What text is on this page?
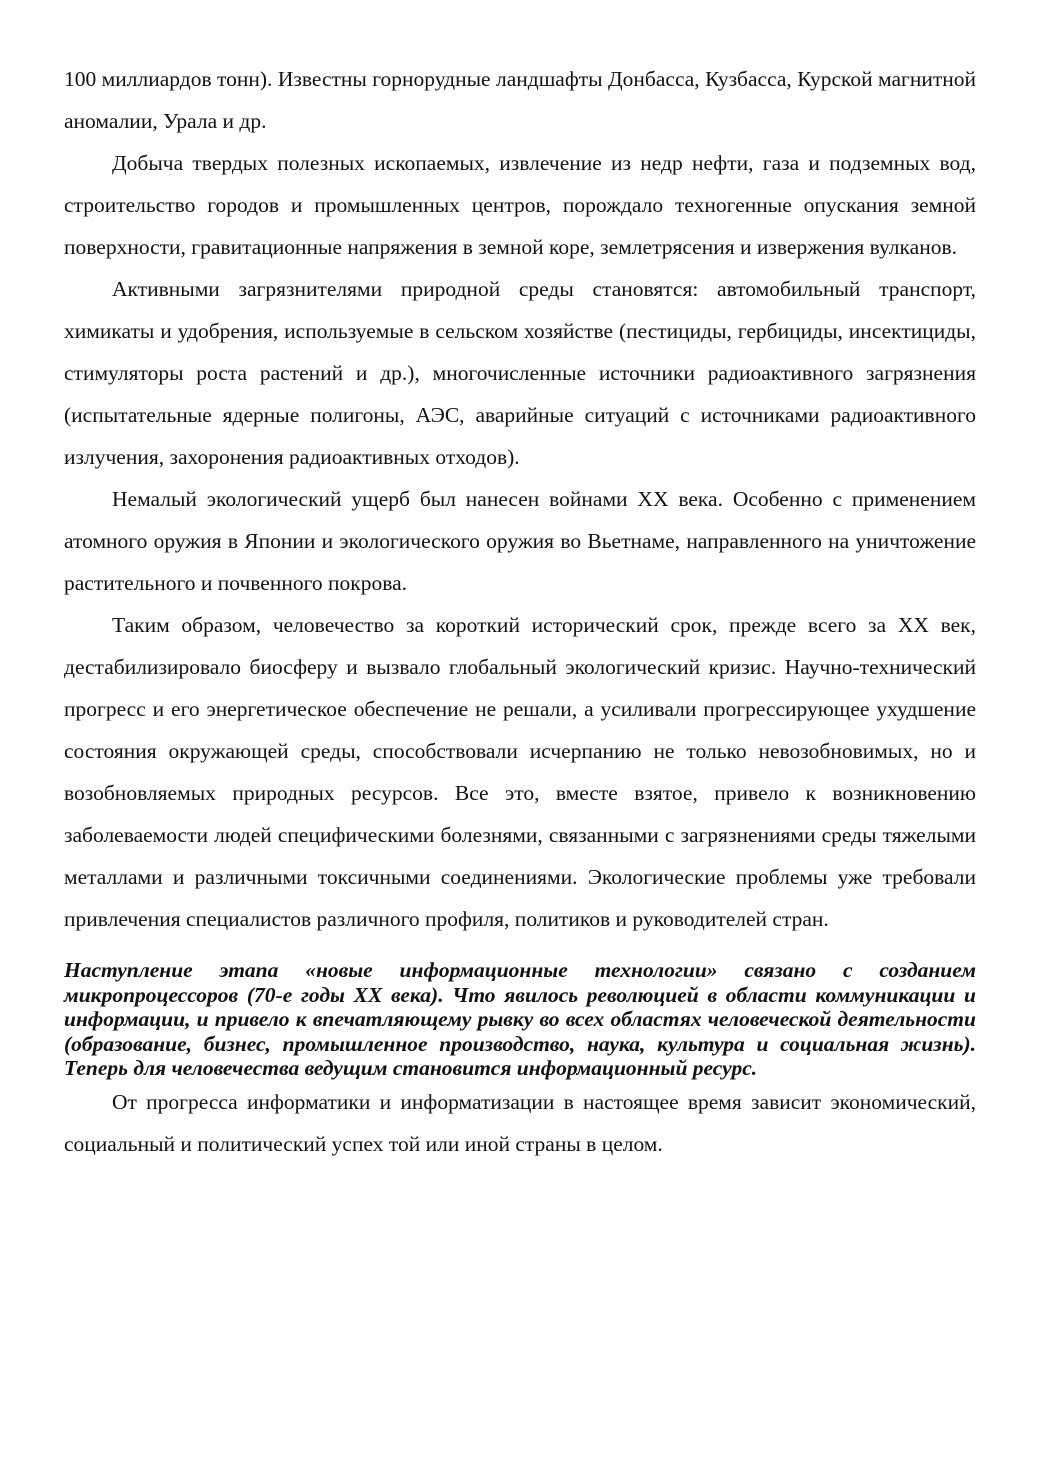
100 миллиардов тонн). Известны горнорудные ландшафты Донбасса, Кузбасса, Курской магнитной аномалии, Урала и др.

Добыча твердых полезных ископаемых, извлечение из недр нефти, газа и подземных вод, строительство городов и промышленных центров, порождало техногенные опускания земной поверхности, гравитационные напряжения в земной коре, землетрясения и извержения вулканов.

Активными загрязнителями природной среды становятся: автомобильный транспорт, химикаты и удобрения, используемые в сельском хозяйстве (пестициды, гербициды, инсектициды, стимуляторы роста растений и др.), многочисленные источники радиоактивного загрязнения (испытательные ядерные полигоны, АЭС, аварийные ситуаций с источниками радиоактивного излучения, захоронения радиоактивных отходов).

Немалый экологический ущерб был нанесен войнами XX века. Особенно с применением атомного оружия в Японии и экологического оружия во Вьетнаме, направленного на уничтожение растительного и почвенного покрова.

Таким образом, человечество за короткий исторический срок, прежде всего за XX век, дестабилизировало биосферу и вызвало глобальный экологический кризис. Научно-технический прогресс и его энергетическое обеспечение не решали, а усиливали прогрессирующее ухудшение состояния окружающей среды, способствовали исчерпанию не только невозобновимых, но и возобновляемых природных ресурсов. Все это, вместе взятое, привело к возникновению заболеваемости людей специфическими болезнями, связанными с загрязнениями среды тяжелыми металлами и различными токсичными соединениями. Экологические проблемы уже требовали привлечения специалистов различного профиля, политиков и руководителей стран.

Наступление этапа «новые информационные технологии» связано с созданием микропроцессоров (70-е годы XX века). Что явилось революцией в области коммуникации и информации, и привело к впечатляющему рывку во всех областях человеческой деятельности (образование, бизнес, промышленное производство, наука, культура и социальная жизнь). Теперь для человечества ведущим становится информационный ресурс.

От прогресса информатики и информатизации в настоящее время зависит экономический, социальный и политический успех той или иной страны в целом.
